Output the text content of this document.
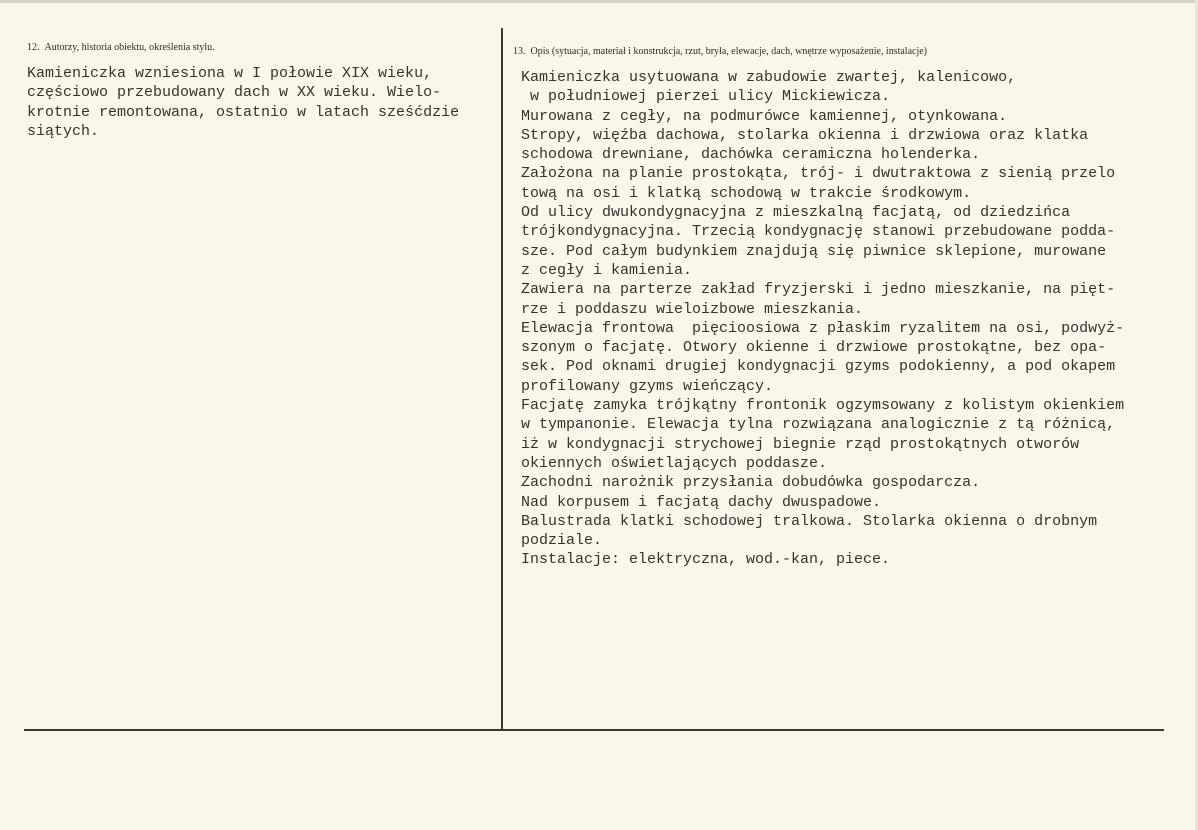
12. Autorzy, historia obiektu, określenia stylu.
Kamieniczka wzniesiona w I połowie XIX wieku,
częściowo przebudowany dach w XX wieku. Wielo-
krotnie remontowana, ostatnio w latach sześćdzie
siątych.
13. Opis (sytuacja, materiał i konstrukcja, rzut, bryła, elewacje, dach, wnętrze wyposażenie, instalacje)
Kamieniczka usytuowana w zabudowie zwartej, kalenicowo,
w południowej pierzei ulicy Mickiewicza.
Murowana z cegły, na podmurówce kamiennej, otynkowana.
Stropy, więźba dachowa, stolarka okienna i drzwiowa oraz klatka
schodowa drewniane, dachówka ceramiczna holenderka.
Założona na planie prostokąta, trój- i dwutraktowa z sienią przelo
tową na osi i klatką schodową w trakcie środkowym.
Od ulicy dwukondygnacyjna z mieszkalną facjatą, od dziedzińca
trójkondygnacyjna. Trzecią kondygnację stanowi przebudowane podda-
sze. Pod całym budynkiem znajdują się piwnice sklepione, murowane
z cegły i kamienia.
Zawiera na parterze zakład fryzjerski i jedno mieszkanie, na pięt-
rze i poddaszu wieloizbowe mieszkania.
Elewacja frontowa  pięcioosiowa z płaskim ryzalitem na osi, podwyż-
szonym o facjatę. Otwory okienne i drzwiowe prostokątne, bez opa-
sek. Pod oknami drugiej kondygnacji gzyms podokienny, a pod okapem
profilowany gzyms wieńczący.
Facjatę zamyka trójkątny frontonik ogzymsowany z kolistym okienkiem
w tympanonie. Elewacja tylna rozwiązana analogicznie z tą różnicą,
iż w kondygnacji strychowej biegnie rząd prostokątnych otworów
okiennych oświetlających poddasze.
Zachodni narożnik przysłania dobudówka gospodarcza.
Nad korpusem i facjatą dachy dwuspadowe.
Balustrada klatki schodowej tralkowa. Stolarka okienna o drobnym
podziale.
Instalacje: elektryczna, wod.-kan, piece.
